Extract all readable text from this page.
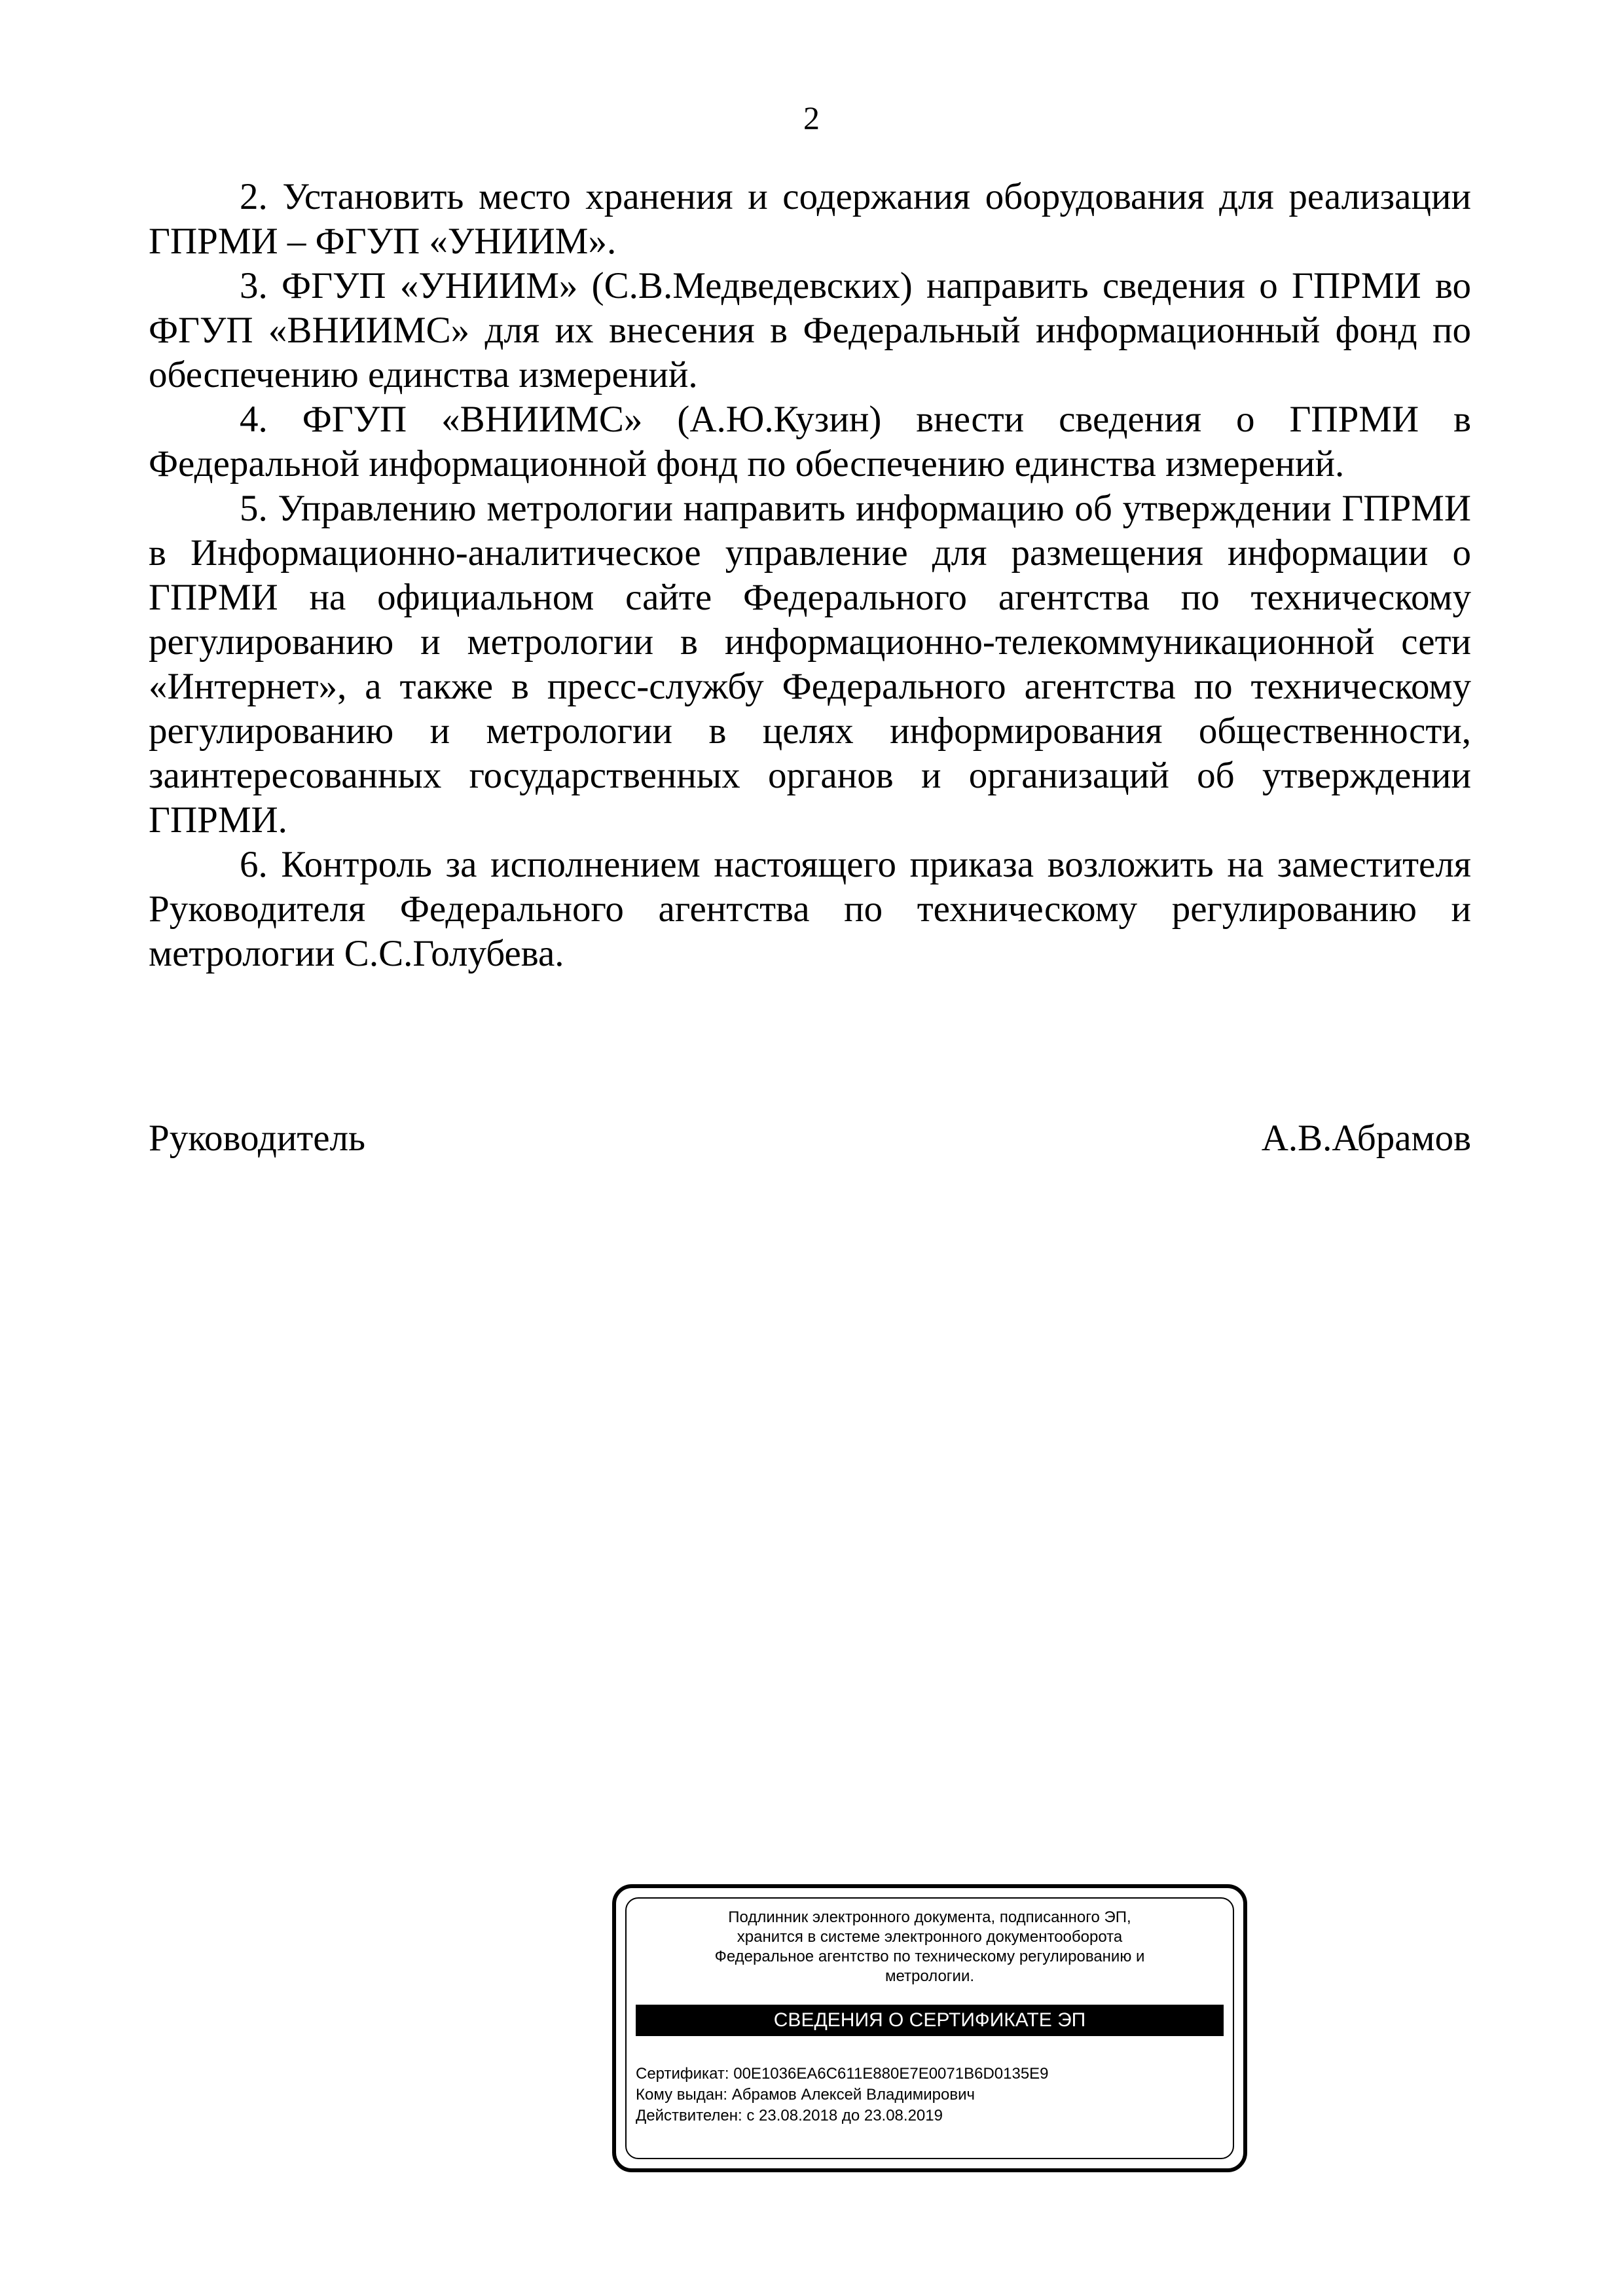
2

2. Установить место хранения и содержания оборудования для реализации ГПРМИ – ФГУП «УНИИМ».

3. ФГУП «УНИИМ» (С.В.Медведевских) направить сведения о ГПРМИ во ФГУП «ВНИИМС» для их внесения в Федеральный информационный фонд по обеспечению единства измерений.

4. ФГУП «ВНИИМС» (А.Ю.Кузин) внести сведения о ГПРМИ в Федеральной информационной фонд по обеспечению единства измерений.

5. Управлению метрологии направить информацию об утверждении ГПРМИ в Информационно-аналитическое управление для размещения информации о ГПРМИ на официальном сайте Федерального агентства по техническому регулированию и метрологии в информационно-телекоммуникационной сети «Интернет», а также в пресс-службу Федерального агентства по техническому регулированию и метрологии в целях информирования общественности, заинтересованных государственных органов и организаций об утверждении ГПРМИ.

6. Контроль за исполнением настоящего приказа возложить на заместителя Руководителя Федерального агентства по техническому регулированию и метрологии С.С.Голубева.

Руководитель	А.В.Абрамов
Подлинник электронного документа, подписанного ЭП,
хранится в системе электронного документооборота
Федеральное агентство по техническому регулированию и
метрологии.
СВЕДЕНИЯ О СЕРТИФИКАТЕ ЭП
Сертификат: 00E1036EA6C611E880E7E0071B6D0135E9
Кому выдан: Абрамов Алексей Владимирович
Действителен: с 23.08.2018 до 23.08.2019
